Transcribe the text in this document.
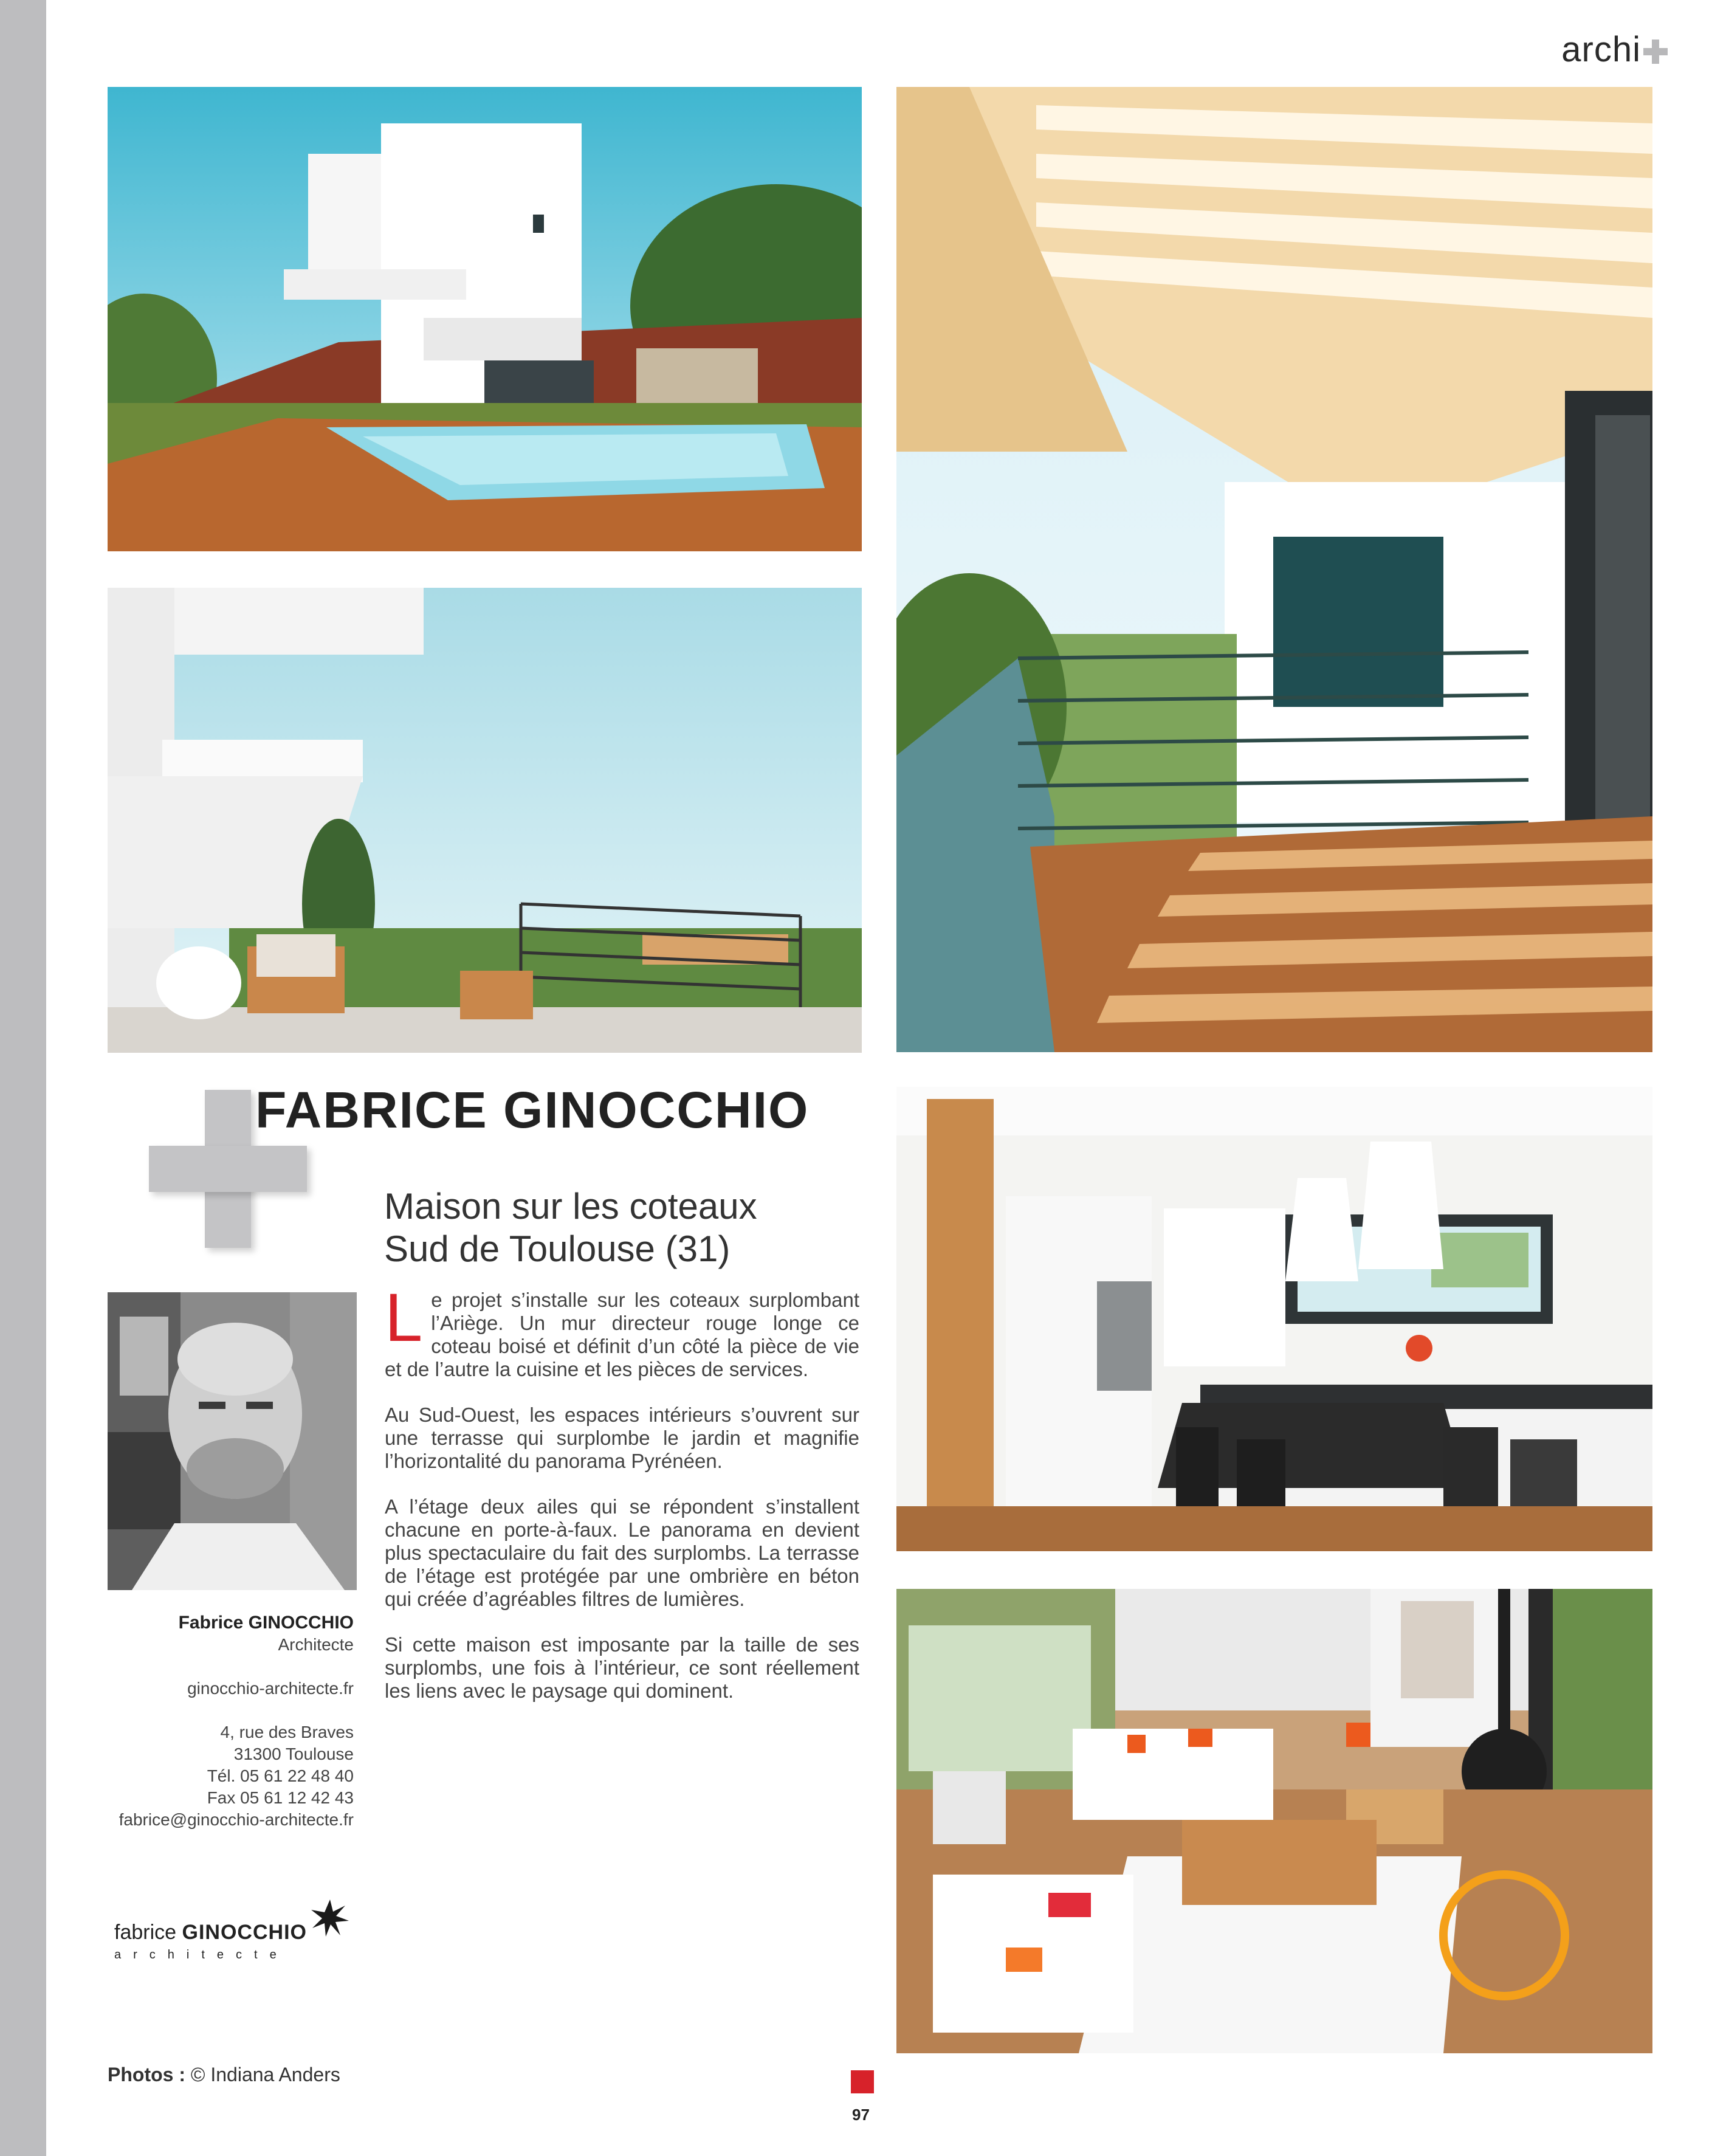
archi
FABRICE GINOCCHIO
Maison sur les coteaux
Sud de Toulouse (31)
Fabrice GINOCCHIO
Architecte
ginocchio-architecte.fr
4, rue des Braves
31300 Toulouse
Tél. 05 61 22 48 40
Fax 05 61 12 42 43
fabrice@ginocchio-architecte.fr

Le projet s’installe sur les coteaux surplombant l’Ariège. Un mur directeur rouge longe ce coteau boisé et définit d’un côté la pièce de vie et de l’autre la cuisine et les pièces de services.

Au Sud-Ouest, les espaces intérieurs s’ouvrent sur une terrasse qui surplombe le jardin et magnifie l’horizontalité du panorama Pyrénéen.

A l’étage deux ailes qui se répondent s’installent chacune en porte-à-faux. Le panorama en devient plus spectaculaire du fait des surplombs. La terrasse de l’étage est protégée par une ombrière en béton qui créée d’agréables filtres de lumières.

Si cette maison est imposante par la taille de ses surplombs, une fois à l’intérieur, ce sont réellement les liens avec le paysage qui dominent.

fabrice GINOCCHIO
architecte
Photos : © Indiana Anders
97
